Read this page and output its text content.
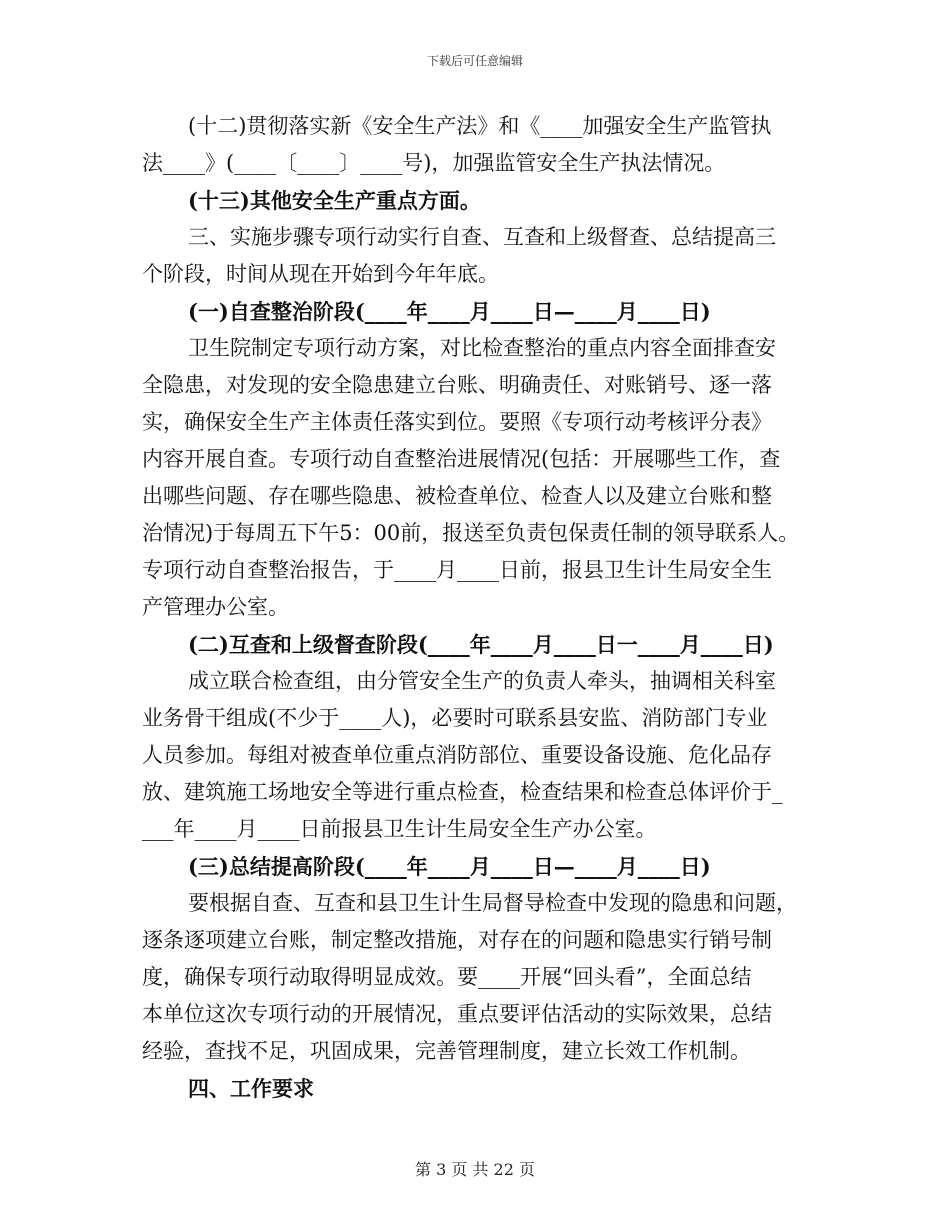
下载后可任意编辑
(十二)贯彻落实新《安全生产法》和《____加强安全生产监管执
法____》(____〔____〕____号)，加强监管安全生产执法情况。
(十三)其他安全生产重点方面。
三、实施步骤专项行动实行自查、互查和上级督查、总结提高三
个阶段，时间从现在开始到今年年底。
(一)自查整治阶段(____年____月____日—____月____日)
卫生院制定专项行动方案，对比检查整治的重点内容全面排查安
全隐患，对发现的安全隐患建立台账、明确责任、对账销号、逐一落
实，确保安全生产主体责任落实到位。要照《专项行动考核评分表》
内容开展自查。专项行动自查整治进展情况(包括：开展哪些工作，查
出哪些问题、存在哪些隐患、被检查单位、检查人以及建立台账和整
治情况)于每周五下午5：00前，报送至负责包保责任制的领导联系人。
专项行动自查整治报告，于____月____日前，报县卫生计生局安全生
产管理办公室。
(二)互查和上级督查阶段(____年____月____日一____月____日)
成立联合检查组，由分管安全生产的负责人牵头，抽调相关科室
业务骨干组成(不少于____人)，必要时可联系县安监、消防部门专业
人员参加。每组对被查单位重点消防部位、重要设备设施、危化品存
放、建筑施工场地安全等进行重点检查，检查结果和检查总体评价于_
___年____月____日前报县卫生计生局安全生产办公室。
(三)总结提高阶段(____年____月____日—____月____日)
要根据自查、互查和县卫生计生局督导检查中发现的隐患和问题，
逐条逐项建立台账，制定整改措施，对存在的问题和隐患实行销号制
度，确保专项行动取得明显成效。要____开展“回头看”，全面总结
本单位这次专项行动的开展情况，重点要评估活动的实际效果，总结
经验，查找不足，巩固成果，完善管理制度，建立长效工作机制。
四、工作要求
第 3 页 共 22 页
